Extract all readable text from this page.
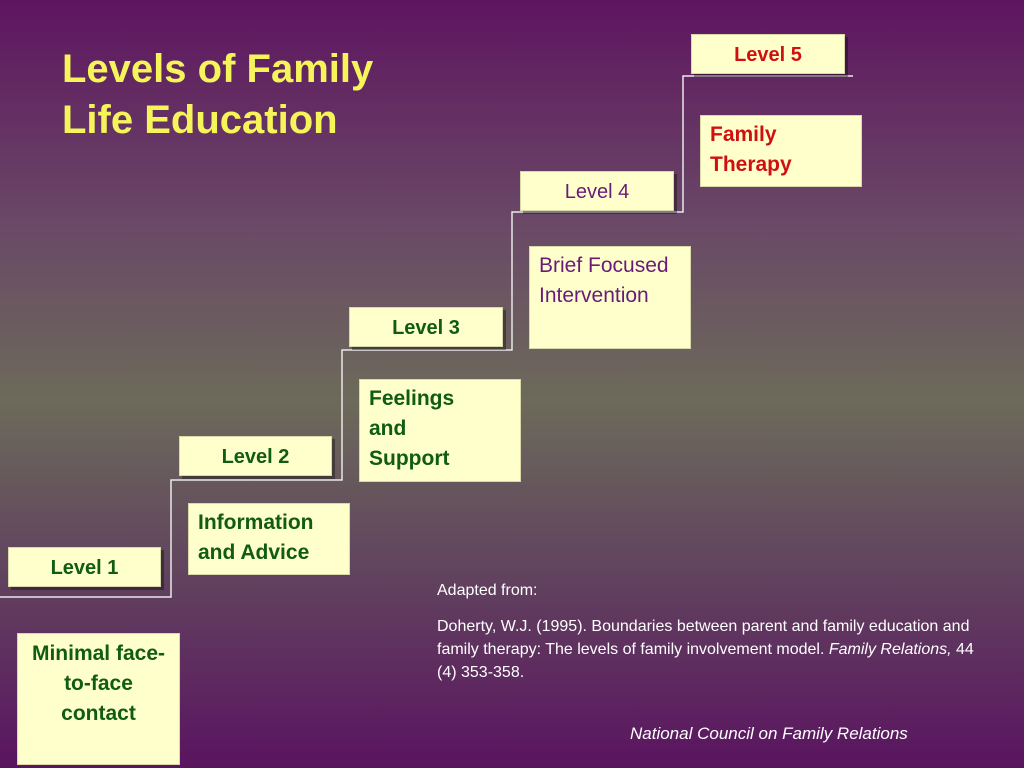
Levels of Family
Life Education
Level 1
Level 2
Level 3
Level 4
Level 5
Minimal face-to-face contact
Information and Advice
Feelings and Support
Brief Focused Intervention
Family Therapy

Adapted from:

Doherty, W.J. (1995). Boundaries between parent and family education and family therapy: The levels of family involvement model. Family Relations, 44 (4) 353-358.

National Council on Family Relations
